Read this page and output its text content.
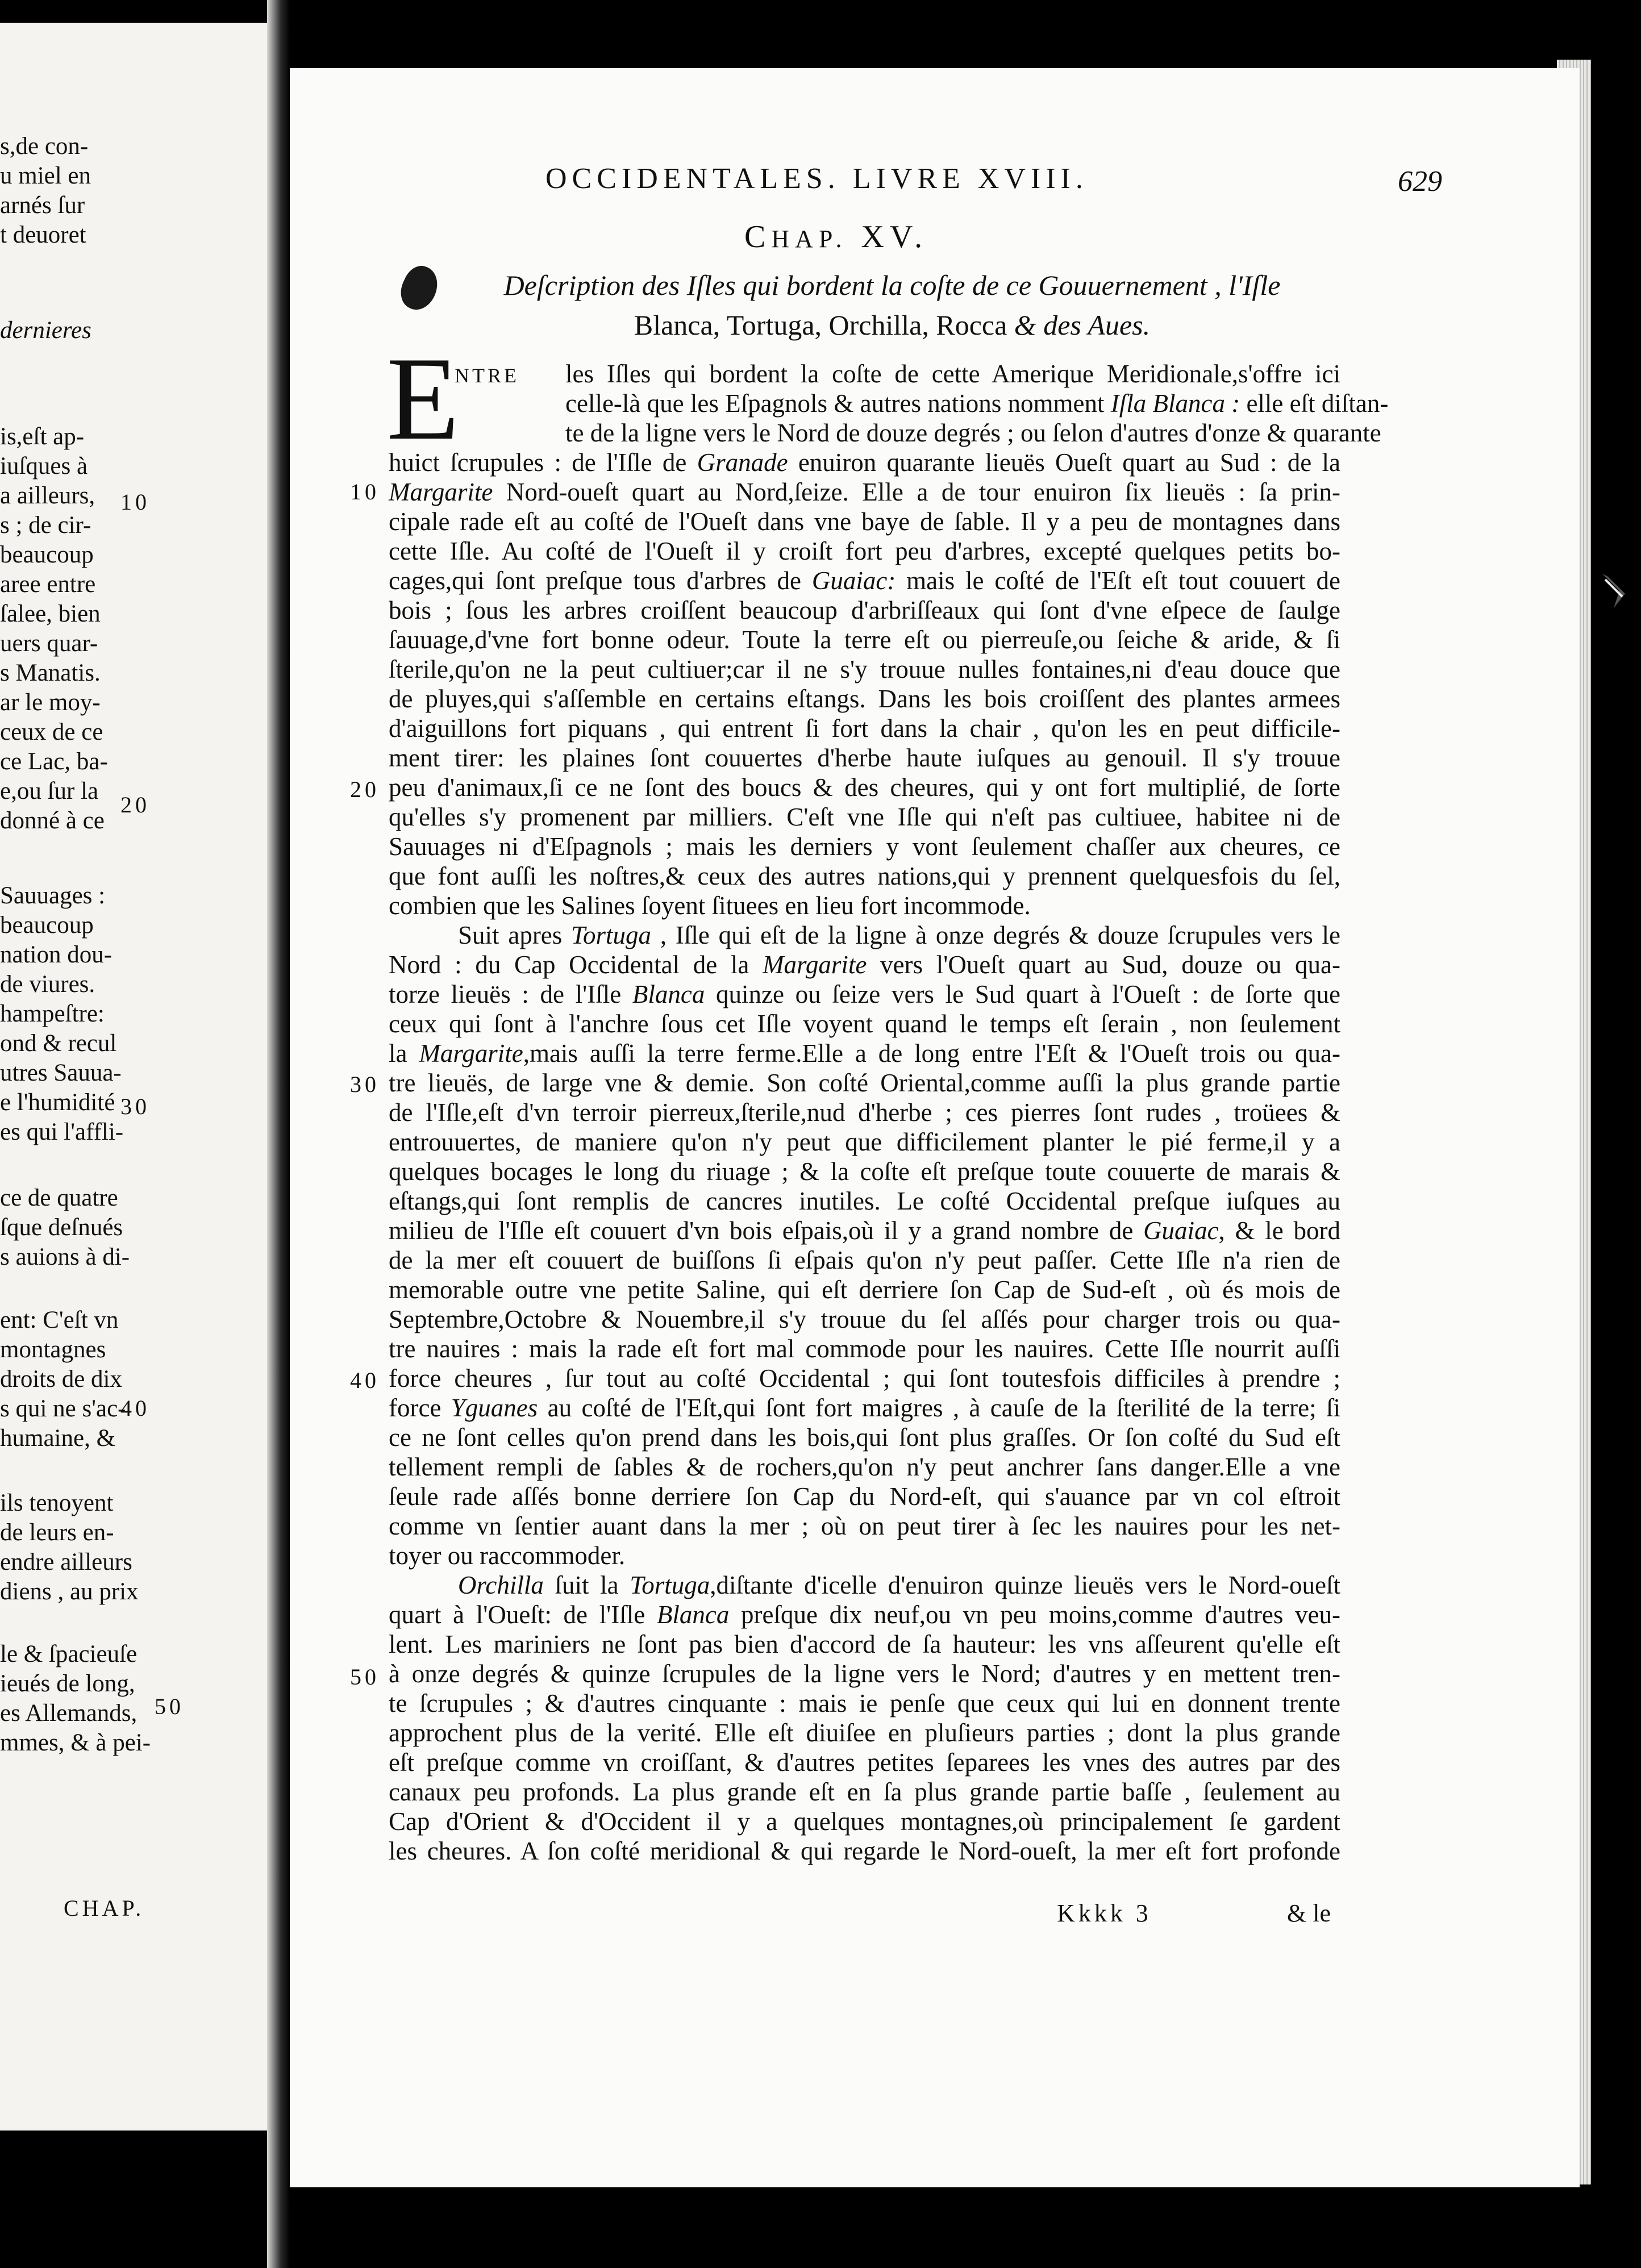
s,de con-
u miel en
arnés ſur
t deuoret
dernieres
is,eſt ap-
iuſques à
a ailleurs,
s ; de cir-
beaucoup
aree entre
ſalee, bien
uers quar-
s Manatis.
ar le moy-
ceux de ce
ce Lac, ba-
e,ou ſur la
donné à ce
Sauuages :
beaucoup
nation dou-
de viures.
hampeſtre:
ond & recul
utres Sauua-
e l'humidité
es qui l'affli-
ce de quatre
ſque deſnués
s auions à di-
ent: C'eſt vn
montagnes
droits de dix
s qui ne s'ac-
humaine, &
ils tenoyent
de leurs en-
endre ailleurs
diens , au prix
le & ſpacieuſe
ieués de long,
es Allemands,
mmes, & à pei-
10
20
30
40
50
CHAP.
OCCIDENTALES. LIVRE XVIII.	629
CHAP. XV.
Deſcription des Iſles qui bordent la coſte de ce Gouuernement , l'Iſle
Blanca, Tortuga, Orchilla, Rocca & des Aues.
E
NTRE	les Iſles qui bordent la coſte de cette Amerique Meridionale,s'offre ici
celle-là que les Eſpagnols & autres nations nomment Iſla Blanca : elle eſt diſtan-
te de la ligne vers le Nord de douze degrés ; ou ſelon d'autres d'onze & quarante
huict ſcrupules : de l'Iſle de Granade enuiron quarante lieuës Oueſt quart au Sud : de la
Margarite Nord-oueſt quart au Nord,ſeize. Elle a de tour enuiron ſix lieuës : ſa prin-
cipale rade eſt au coſté de l'Oueſt dans vne baye de ſable. Il y a peu de montagnes dans
cette Iſle. Au coſté de l'Oueſt il y croiſt fort peu d'arbres, excepté quelques petits bo-
cages,qui ſont preſque tous d'arbres de Guaiac: mais le coſté de l'Eſt eſt tout couuert de
bois ; ſous les arbres croiſſent beaucoup d'arbriſſeaux qui ſont d'vne eſpece de ſaulge
ſauuage,d'vne fort bonne odeur. Toute la terre eſt ou pierreuſe,ou ſeiche & aride, & ſi
ſterile,qu'on ne la peut cultiuer;car il ne s'y trouue nulles fontaines,ni d'eau douce que
de pluyes,qui s'aſſemble en certains eſtangs. Dans les bois croiſſent des plantes armees
d'aiguillons fort piquans , qui entrent ſi fort dans la chair , qu'on les en peut difficile-
ment tirer: les plaines ſont couuertes d'herbe haute iuſques au genouil. Il s'y trouue
peu d'animaux,ſi ce ne ſont des boucs & des cheures, qui y ont fort multiplié, de ſorte
qu'elles s'y promenent par milliers. C'eſt vne Iſle qui n'eſt pas cultiuee, habitee ni de
Sauuages ni d'Eſpagnols ; mais les derniers y vont ſeulement chaſſer aux cheures, ce
que font auſſi les noſtres,& ceux des autres nations,qui y prennent quelquesfois du ſel,
combien que les Salines ſoyent ſituees en lieu fort incommode.
Suit apres Tortuga , Iſle qui eſt de la ligne à onze degrés & douze ſcrupules vers le
Nord : du Cap Occidental de la Margarite vers l'Oueſt quart au Sud, douze ou qua-
torze lieuës : de l'Iſle Blanca quinze ou ſeize vers le Sud quart à l'Oueſt : de ſorte que
ceux qui ſont à l'anchre ſous cet Iſle voyent quand le temps eſt ſerain , non ſeulement
la Margarite,mais auſſi la terre ferme.Elle a de long entre l'Eſt & l'Oueſt trois ou qua-
tre lieuës, de large vne & demie. Son coſté Oriental,comme auſſi la plus grande partie
de l'Iſle,eſt d'vn terroir pierreux,ſterile,nud d'herbe ; ces pierres ſont rudes , troüees &
entrouuertes, de maniere qu'on n'y peut que difficilement planter le pié ferme,il y a
quelques bocages le long du riuage ; & la coſte eſt preſque toute couuerte de marais &
eſtangs,qui ſont remplis de cancres inutiles. Le coſté Occidental preſque iuſques au
milieu de l'Iſle eſt couuert d'vn bois eſpais,où il y a grand nombre de Guaiac, & le bord
de la mer eſt couuert de buiſſons ſi eſpais qu'on n'y peut paſſer. Cette Iſle n'a rien de
memorable outre vne petite Saline, qui eſt derriere ſon Cap de Sud-eſt , où és mois de
Septembre,Octobre & Nouembre,il s'y trouue du ſel aſſés pour charger trois ou qua-
tre nauires : mais la rade eſt fort mal commode pour les nauires. Cette Iſle nourrit auſſi
force cheures , ſur tout au coſté Occidental ; qui ſont toutesfois difficiles à prendre ;
force Yguanes au coſté de l'Eſt,qui ſont fort maigres , à cauſe de la ſterilité de la terre; ſi
ce ne ſont celles qu'on prend dans les bois,qui ſont plus graſſes. Or ſon coſté du Sud eſt
tellement rempli de ſables & de rochers,qu'on n'y peut anchrer ſans danger.Elle a vne
ſeule rade aſſés bonne derriere ſon Cap du Nord-eſt, qui s'auance par vn col eſtroit
comme vn ſentier auant dans la mer ; où on peut tirer à ſec les nauires pour les net-
toyer ou raccommoder.
Orchilla ſuit la Tortuga,diſtante d'icelle d'enuiron quinze lieuës vers le Nord-oueſt
quart à l'Oueſt: de l'Iſle Blanca preſque dix neuf,ou vn peu moins,comme d'autres veu-
lent. Les mariniers ne ſont pas bien d'accord de ſa hauteur: les vns aſſeurent qu'elle eſt
à onze degrés & quinze ſcrupules de la ligne vers le Nord; d'autres y en mettent tren-
te ſcrupules ; & d'autres cinquante : mais ie penſe que ceux qui lui en donnent trente
approchent plus de la verité. Elle eſt diuiſee en pluſieurs parties ; dont la plus grande
eſt preſque comme vn croiſſant, & d'autres petites ſeparees les vnes des autres par des
canaux peu profonds. La plus grande eſt en ſa plus grande partie baſſe , ſeulement au
Cap d'Orient & d'Occident il y a quelques montagnes,où principalement ſe gardent
les cheures. A ſon coſté meridional & qui regarde le Nord-oueſt, la mer eſt fort profonde
10
20
30
40
50
Kkkk 3	& le
